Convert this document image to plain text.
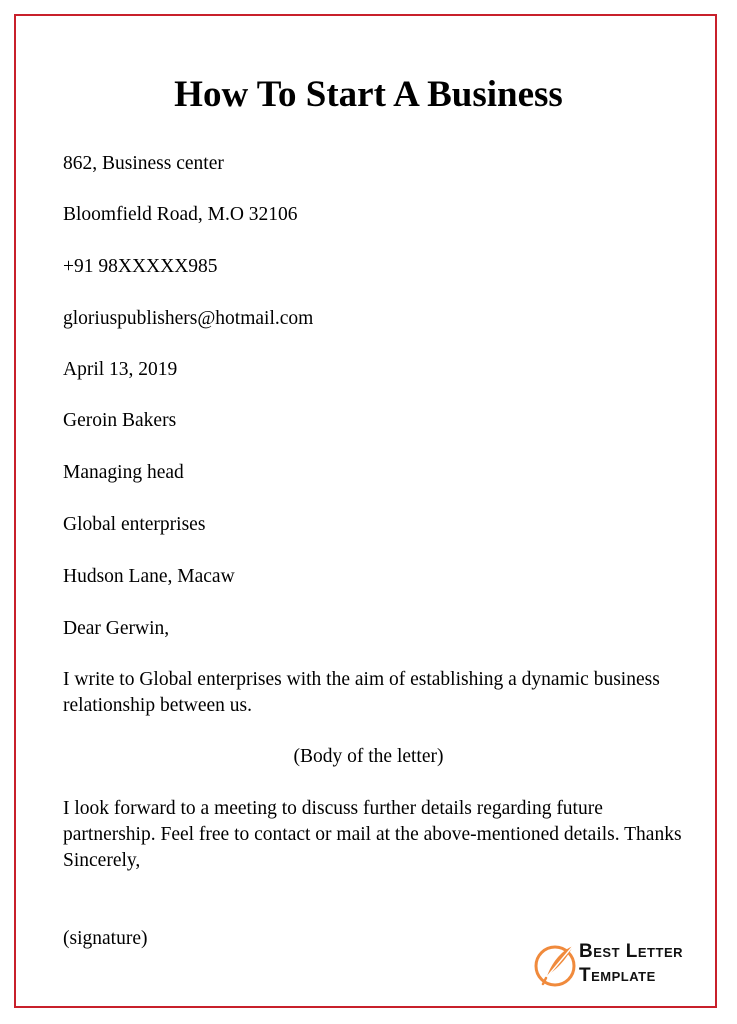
How To Start A Business
862, Business center
Bloomfield Road, M.O 32106
+91 98XXXXX985
gloriuspublishers@hotmail.com
April 13, 2019
Geroin Bakers
Managing head
Global enterprises
Hudson Lane, Macaw
Dear Gerwin,
I write to Global enterprises with the aim of establishing a dynamic business relationship between us.
(Body of the letter)
I look forward to a meeting to discuss further details regarding future partnership. Feel free to contact or mail at the above-mentioned details. Thanks Sincerely,
(signature)
Best Letter
Template
